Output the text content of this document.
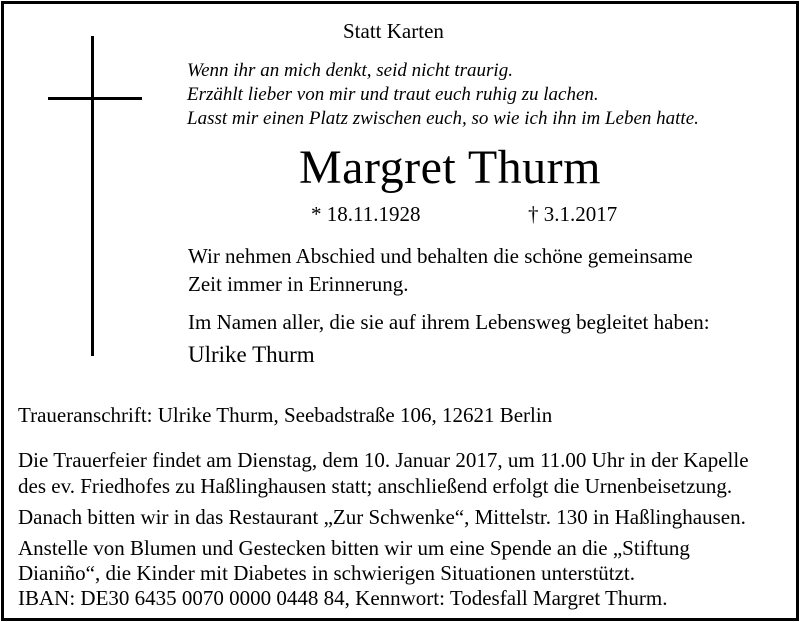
Statt Karten
Wenn ihr an mich denkt, seid nicht traurig.
Erzählt lieber von mir und traut euch ruhig zu lachen.
Lasst mir einen Platz zwischen euch, so wie ich ihn im Leben hatte.
Margret Thurm
* 18.11.1928	† 3.1.2017
Wir nehmen Abschied und behalten die schöne gemeinsame
Zeit immer in Erinnerung.
Im Namen aller, die sie auf ihrem Lebensweg begleitet haben:
Ulrike Thurm
Traueranschrift: Ulrike Thurm, Seebadstraße 106, 12621 Berlin
Die Trauerfeier findet am Dienstag, dem 10. Januar 2017, um 11.00 Uhr in der Kapelle
des ev. Friedhofes zu Haßlinghausen statt; anschließend erfolgt die Urnenbeisetzung.
Danach bitten wir in das Restaurant „Zur Schwenke“, Mittelstr. 130 in Haßlinghausen.
Anstelle von Blumen und Gestecken bitten wir um eine Spende an die „Stiftung
Dianiño“, die Kinder mit Diabetes in schwierigen Situationen unterstützt.
IBAN: DE30 6435 0070 0000 0448 84, Kennwort: Todesfall Margret Thurm.
